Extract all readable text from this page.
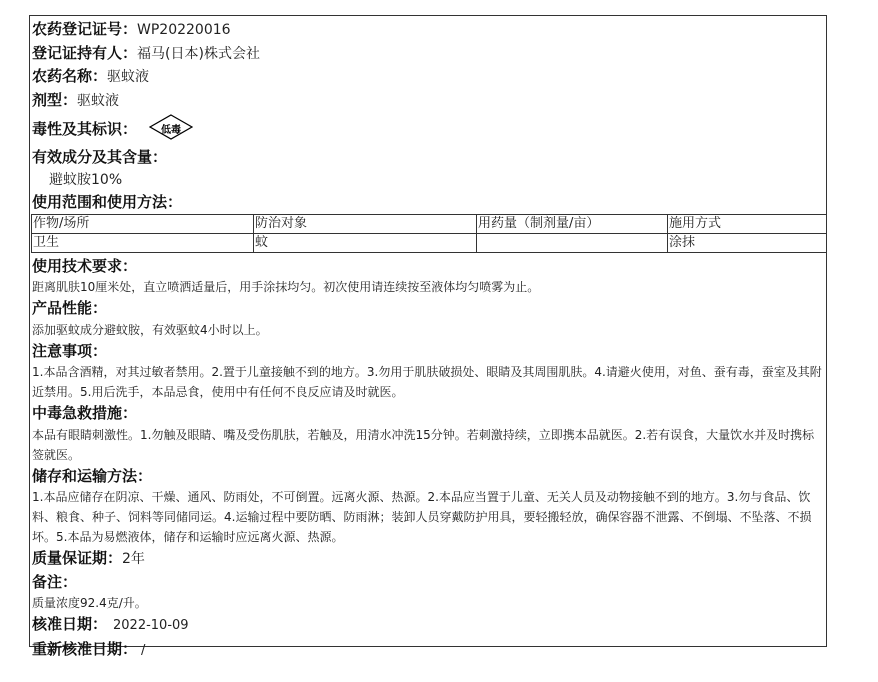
农药登记证号： WP20220016
登记证持有人： 福马(日本)株式会社
农药名称： 驱蚊液
剂型： 驱蚊液
毒性及其标识：	低毒
有效成分及其含量：
避蚊胺10%
使用范围和使用方法：
作物/场所	防治对象	用药量（制剂量/亩）	施用方式
卫生	蚊		涂抹
使用技术要求：
距离肌肤10厘米处，直立喷洒适量后，用手涂抹均匀。初次使用请连续按至液体均匀喷雾为止。
产品性能：
添加驱蚊成分避蚊胺，有效驱蚊4小时以上。
注意事项：
1.本品含酒精，对其过敏者禁用。2.置于儿童接触不到的地方。3.勿用于肌肤破损处、眼睛及其周围肌肤。4.请避火使用，对鱼、蚕有毒，蚕室及其附近禁用。5.用后洗手，本品忌食，使用中有任何不良反应请及时就医。
中毒急救措施：
本品有眼睛刺激性。1.勿触及眼睛、嘴及受伤肌肤，若触及，用清水冲洗15分钟。若刺激持续，立即携本品就医。2.若有误食，大量饮水并及时携标签就医。
储存和运输方法：
1.本品应储存在阴凉、干燥、通风、防雨处，不可倒置。远离火源、热源。2.本品应当置于儿童、无关人员及动物接触不到的地方。3.勿与食品、饮料、粮食、种子、饲料等同储同运。4.运输过程中要防晒、防雨淋；装卸人员穿戴防护用具，要轻搬轻放，确保容器不泄露、不倒塌、不坠落、不损坏。5.本品为易燃液体，储存和运输时应远离火源、热源。
质量保证期： 2年
备注：
质量浓度92.4克/升。
核准日期： 2022-10-09
重新核准日期： /
